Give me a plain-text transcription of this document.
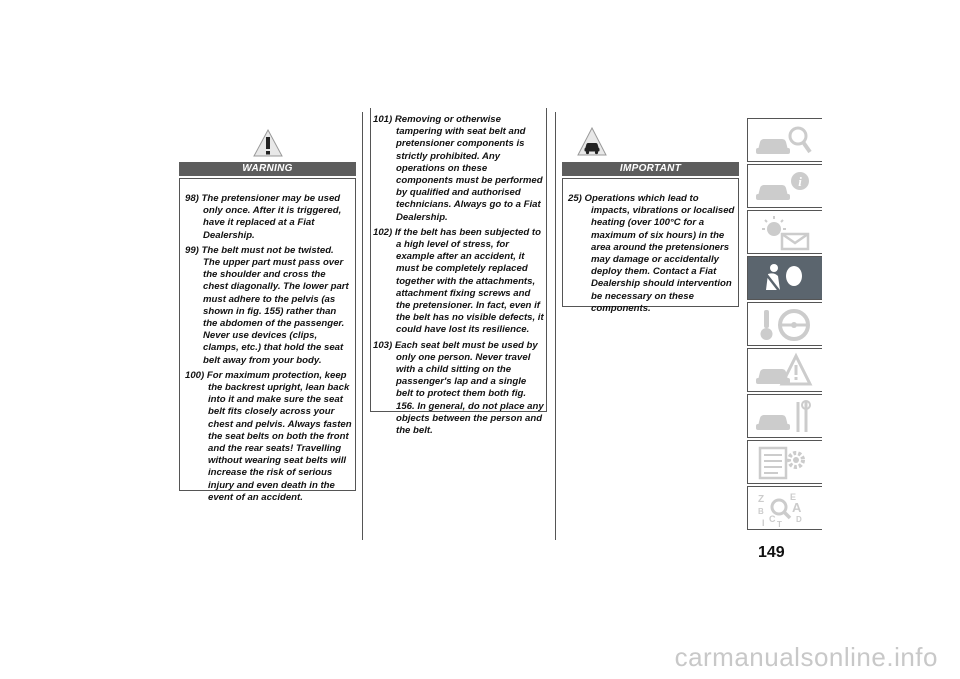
WARNING
98) The pretensioner may be used only once. After it is triggered, have it replaced at a Fiat Dealership.
99) The belt must not be twisted. The upper part must pass over the shoulder and cross the chest diagonally. The lower part must adhere to the pelvis (as shown in fig. 155) rather than the abdomen of the passenger. Never use devices (clips, clamps, etc.) that hold the seat belt away from your body.
100) For maximum protection, keep the backrest upright, lean back into it and make sure the seat belt fits closely across your chest and pelvis. Always fasten the seat belts on both the front and the rear seats! Travelling without wearing seat belts will increase the risk of serious injury and even death in the event of an accident.
101) Removing or otherwise tampering with seat belt and pretensioner components is strictly prohibited. Any operations on these components must be performed by qualified and authorised technicians. Always go to a Fiat Dealership.
102) If the belt has been subjected to a high level of stress, for example after an accident, it must be completely replaced together with the attachments, attachment fixing screws and the pretensioner. In fact, even if the belt has no visible defects, it could have lost its resilience.
103) Each seat belt must be used by only one person. Never travel with a child sitting on the passenger's lap and a single belt to protect them both fig. 156. In general, do not place any objects between the person and the belt.
IMPORTANT
25) Operations which lead to impacts, vibrations or localised heating (over 100°C for a maximum of six hours) in the area around the pretensioners may damage or accidentally deploy them. Contact a Fiat Dealership should intervention be necessary on these components.
i
Z	E
B A
C	D
I T
149
carmanualsonline.info
